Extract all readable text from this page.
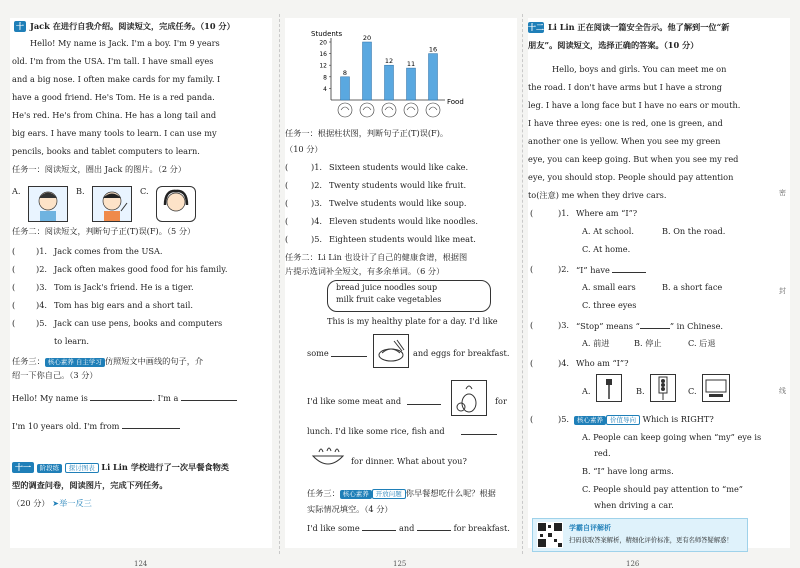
十 Jack 在进行自我介绍。阅读短文，完成任务。（10 分）
Hello! My name is Jack. I'm a boy. I'm 9 years
old. I'm from the USA. I'm tall. I have small eyes
and a big nose. I often make cards for my family. I
have a good friend. He's Tom. He is a red panda.
He's red. He's from China. He has a long tail and
big ears. I have many tools to learn. I can use my
pencils, books and tablet computers to learn.
任务一：阅读短文，圈出 Jack 的图片。（2 分）
A.	B.	C.
任务二：阅读短文，判断句子正(T)误(F)。（5 分）
(	)1. Jack comes from the USA.
(	)2. Jack often makes good food for his family.
(	)3. Tom is Jack's friend. He is a tiger.
(	)4. Tom has big ears and a short tail.
(	)5. Jack can use pens, books and computers
to learn.
任务三： 核心素养 自主学习 仿照短文中画线的句子，介
绍一下你自己。（3 分）
Hello! My name is	. I'm a
I'm 10 years old. I'm from
十一 阶段练 探讨图表 Li Lin 学校进行了一次早餐食物类
型的调查问卷，阅读图片，完成下列任务。
（20 分） ➤举一反三
124
Students
Food
4
8
12
16
20
8
20
12 11
16
任务一：根据柱状图，判断句子正(T)误(F)。
（10 分）
(	)1. Sixteen students would like cake.
(	)2. Twenty students would like fruit.
(	)3. Twelve students would like soup.
(	)4. Eleven students would like noodles.
(	)5. Eighteen students would like meat.
任务二：Li Lin 也设计了自己的健康食谱，根据图
片提示选词补全短文，有多余单词。（6 分）
bread juice noodles soup
milk fruit cake vegetables
This is my healthy plate for a day. I'd like
some	and eggs for breakfast.
I'd like some meat and	for
lunch. I'd like some rice, fish and
for dinner. What about you?
任务三： 核心素养 开放问题 你早餐想吃什么呢？根据
实际情况填空。（4 分）
I'd like some	and	for breakfast.
125
十二 Li Lin 正在阅读一篇安全告示。他了解到一位“新
朋友”。阅读短文，选择正确的答案。（10 分）
Hello, boys and girls. You can meet me on
the road. I don't have arms but I have a strong
leg. I have a long face but I have no ears or mouth.
I have three eyes: one is red, one is green, and
another one is yellow. When you see my green
eye, you can keep going. But when you see my red
eye, you should stop. People should pay attention
to(注意) me when they drive cars.
(	)1. Where am “I”?
A. At school.	B. On the road.
C. At home.
(	)2. “I” have
A. small ears	B. a short face
C. three eyes
(	)3. “Stop” means “	” in Chinese.
A. 前进	B. 停止	C. 后退
(	)4. Who am “I”?
A.	B.	C.
(	)5.	核心素养 价值导向 Which is RIGHT?
A. People can keep going when “my” eye is
red.
B. “I” have long arms.
C. People should pay attention to “me”
when driving a car.
学霸自评解析
扫码获取答案解析，精细化评价标准，更有名师答疑解惑！
密
封
线
126
